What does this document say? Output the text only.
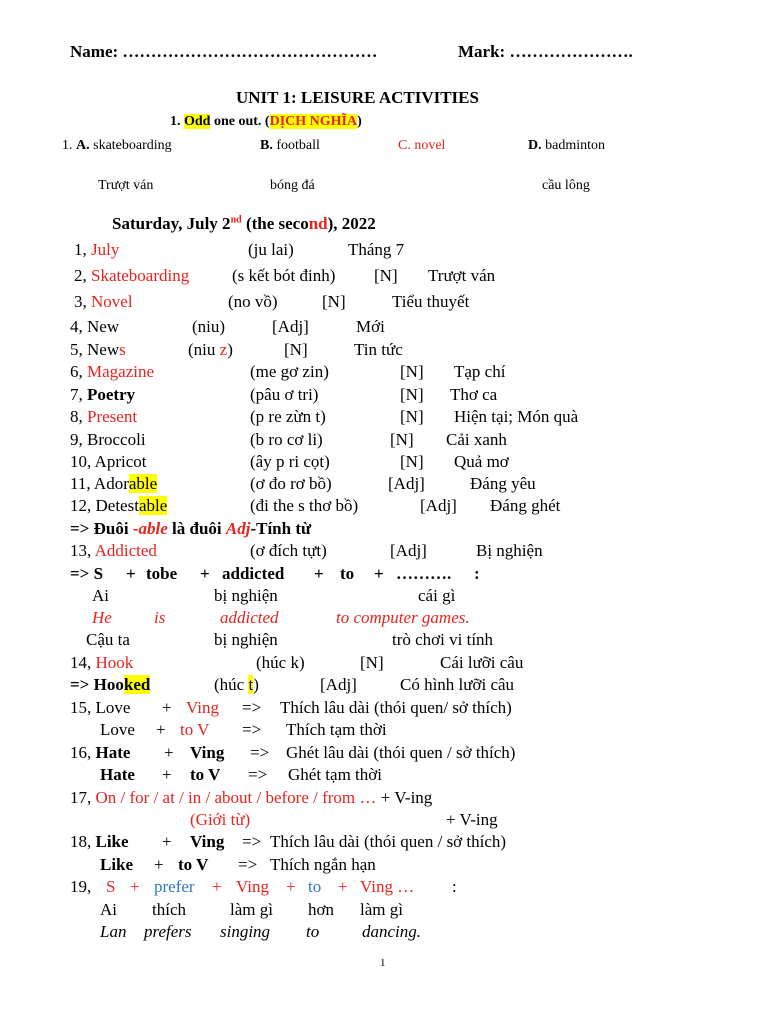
Name: ………………………………………	Mark: ………………….
UNIT 1: LEISURE ACTIVITIES
1. Odd one out. (DỊCH NGHĨA)
1. A. skateboarding	B. football	C. novel	D. badminton
Trượt ván	bóng đá	cầu lông
Saturday, July 2nd (the second), 2022
1, July	(ju lai)	Tháng 7
2, Skateboarding	(s kết bót đinh) [N] Trượt ván
3, Novel	(no vồ)	[N]	Tiểu thuyết
4, New	(niu)	[Adj]	Mới
5, News	(niu z)	[N]	Tin tức
6, Magazine	(me gơ zin)	[N] Tạp chí
7, Poetry	(pâu ơ tri)	[N] Thơ ca
8, Present	(p re zừn t)	[N] Hiện tại; Món quà
9, Broccoli	(b ro cơ li)	[N] Cải xanh
10, Apricot	(ây p ri cọt)	[N] Quả mơ
11, Adorable	(ơ đo rơ bồ)	[Adj]	Đáng yêu
12, Detestable	(đi the s thơ bồ)	[Adj] Đáng ghét
=> Đuôi -able là đuôi Adj-Tính từ
13, Addicted	(ơ đích tựt)	[Adj]	Bị nghiện
=> S + tobe + addicted + to + ………. :
Ai	bị nghiện	cái gì
He is	addicted	to computer games.
Cậu ta	bị nghiện	trò chơi vi tính
14, Hook	(húc k)	[N]	Cái lưỡi câu
=> Hooked	(húc t)	[Adj]	Có hình lưỡi câu
15, Love + Ving => Thích lâu dài (thói quen/ sở thích)
Love + to V => Thích tạm thời
16, Hate + Ving => Ghét lâu dài (thói quen / sở thích)
Hate + to V => Ghét tạm thời
17, On / for / at / in / about / before / from … + V-ing
(Giới từ)	+ V-ing
18, Like + Ving => Thích lâu dài (thói quen / sở thích)
Like + to V => Thích ngắn hạn
19, S + prefer + Ving + to + Ving … :
Ai thích	làm gì hơn làm gì
Lan prefers singing to	dancing.
1
